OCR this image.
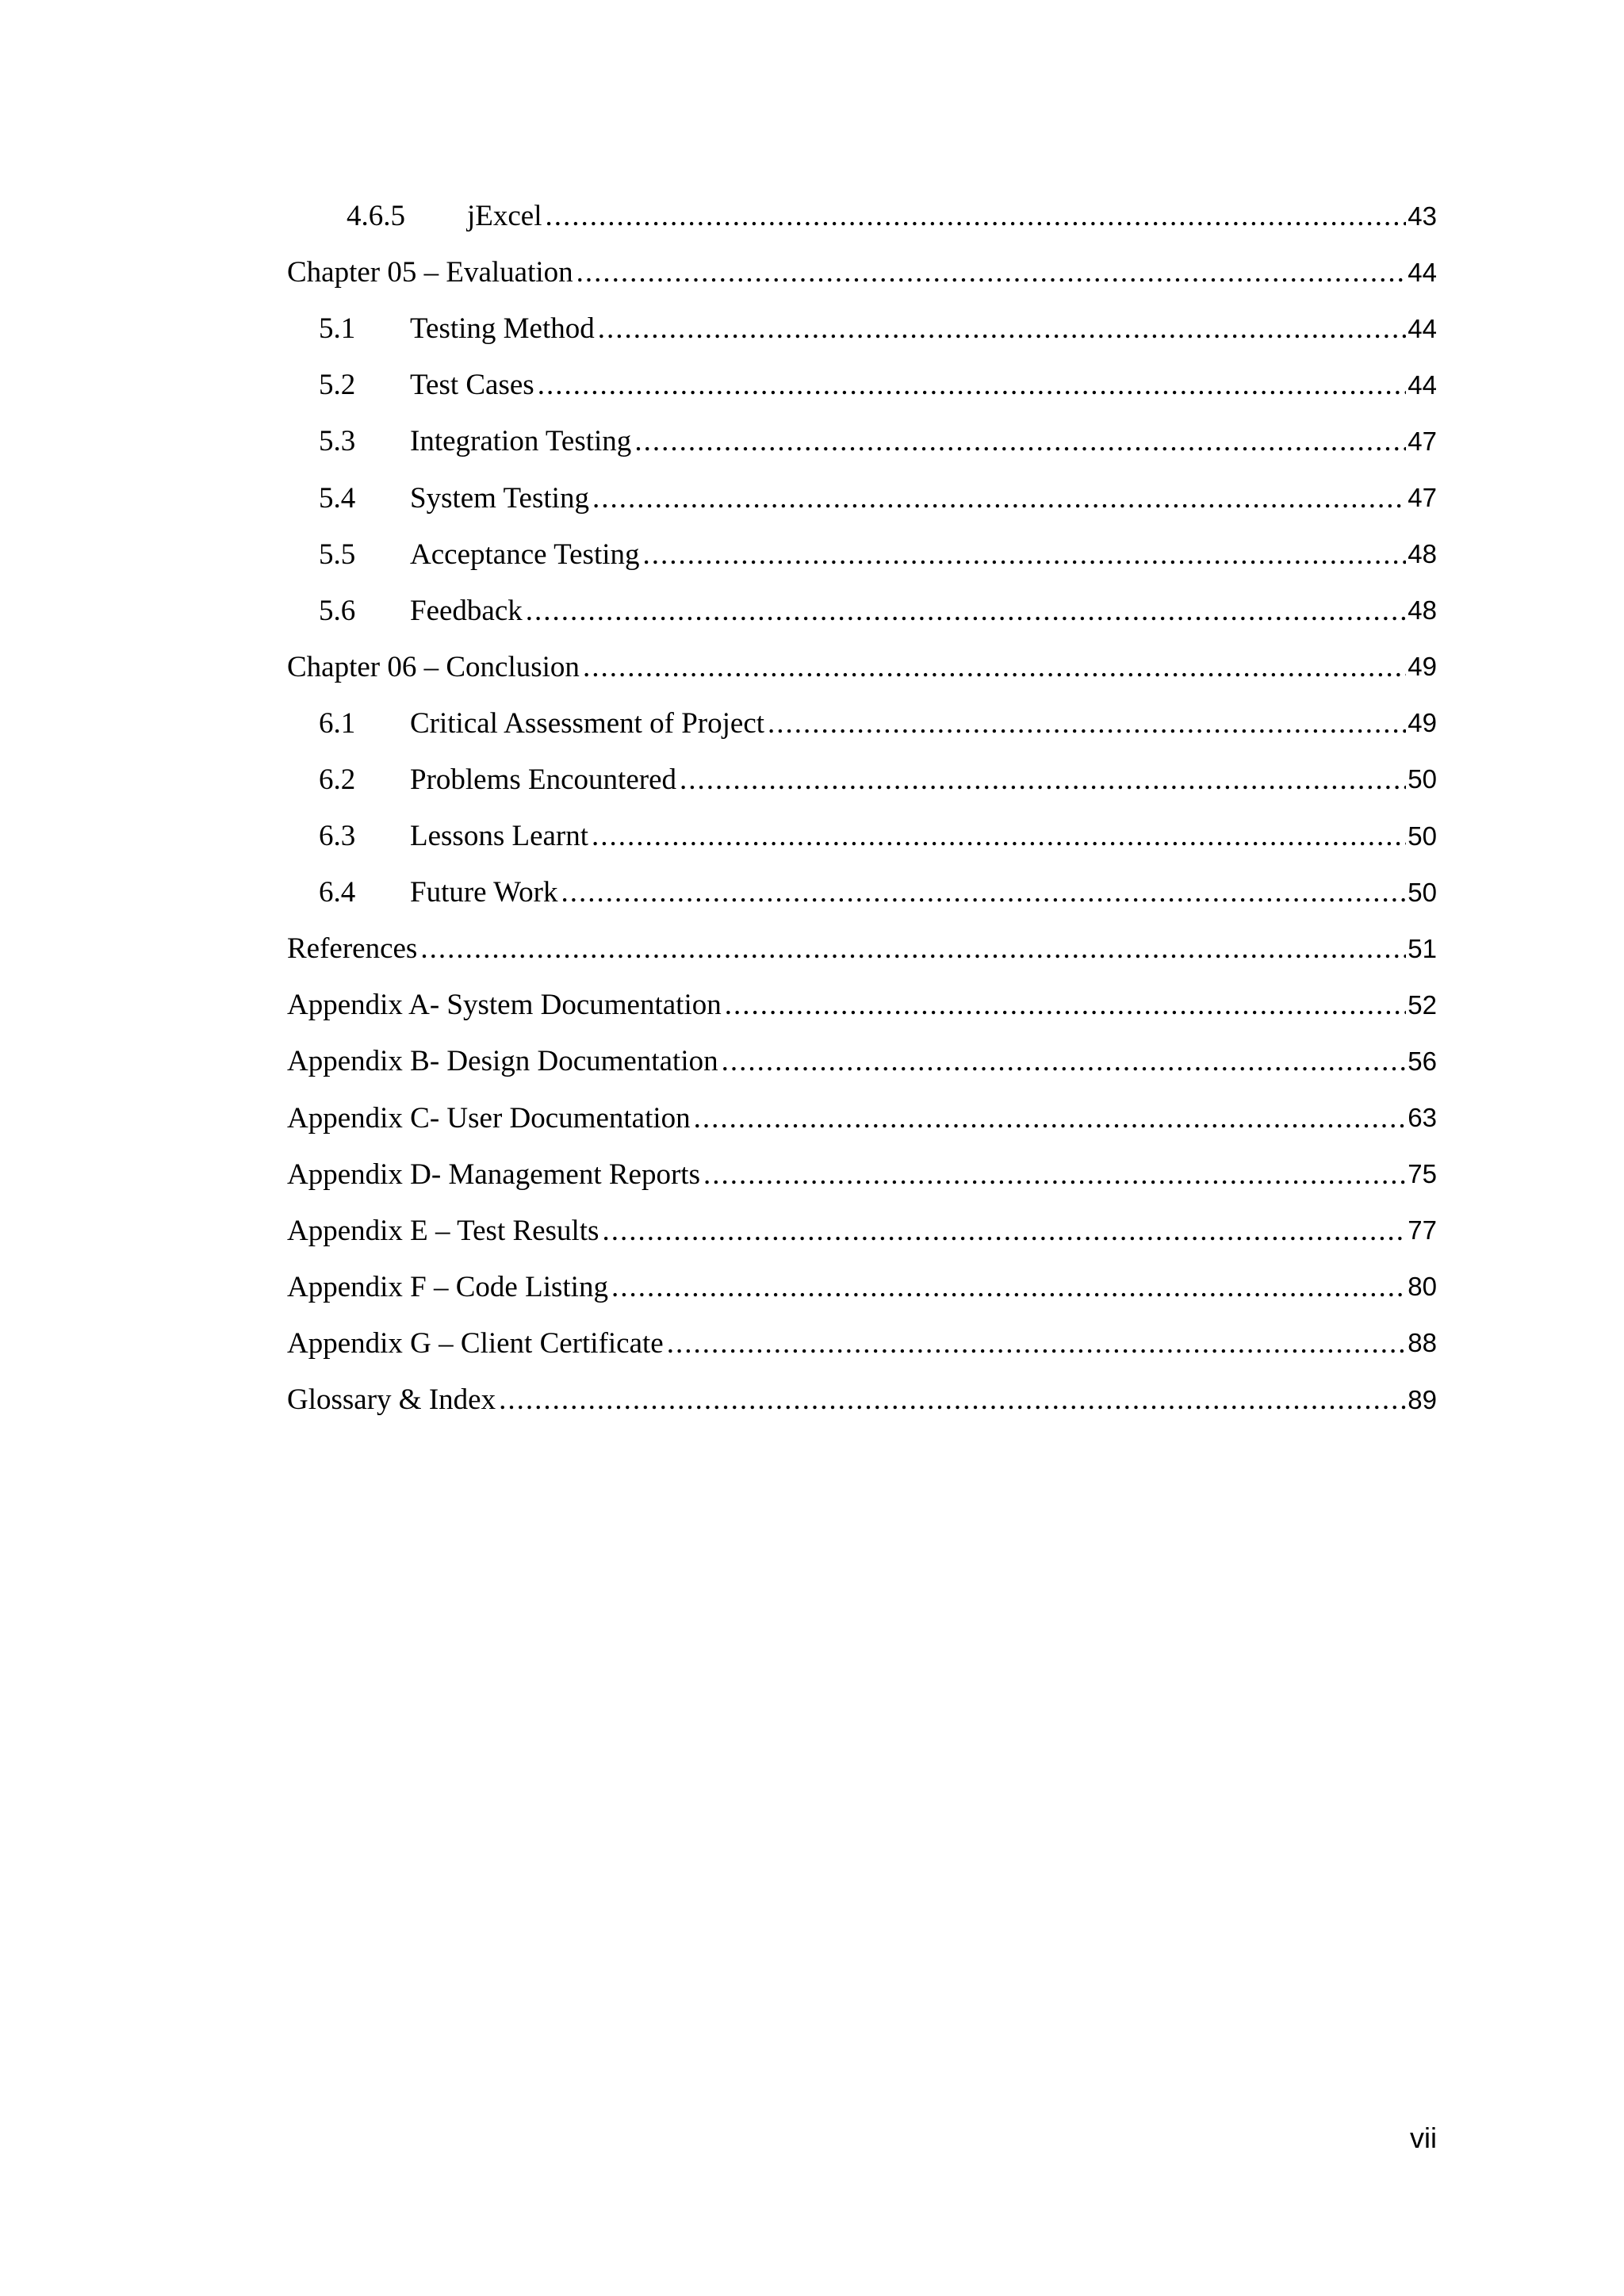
4.6.5	jExcel .....	43
Chapter 05 – Evaluation .....	44
5.1	Testing Method .....	44
5.2	Test Cases .....	44
5.3	Integration Testing .....	47
5.4	System Testing .....	47
5.5	Acceptance Testing .....	48
5.6	Feedback .....	48
Chapter 06 – Conclusion .....	49
6.1	Critical Assessment of Project .....	49
6.2	Problems Encountered .....	50
6.3	Lessons Learnt .....	50
6.4	Future Work .....	50
References .....	51
Appendix A- System Documentation .....	52
Appendix B- Design Documentation .....	56
Appendix C- User Documentation .....	63
Appendix D- Management Reports .....	75
Appendix E – Test Results .....	77
Appendix F – Code Listing .....	80
Appendix G – Client Certificate .....	88
Glossary & Index .....	89
vii
